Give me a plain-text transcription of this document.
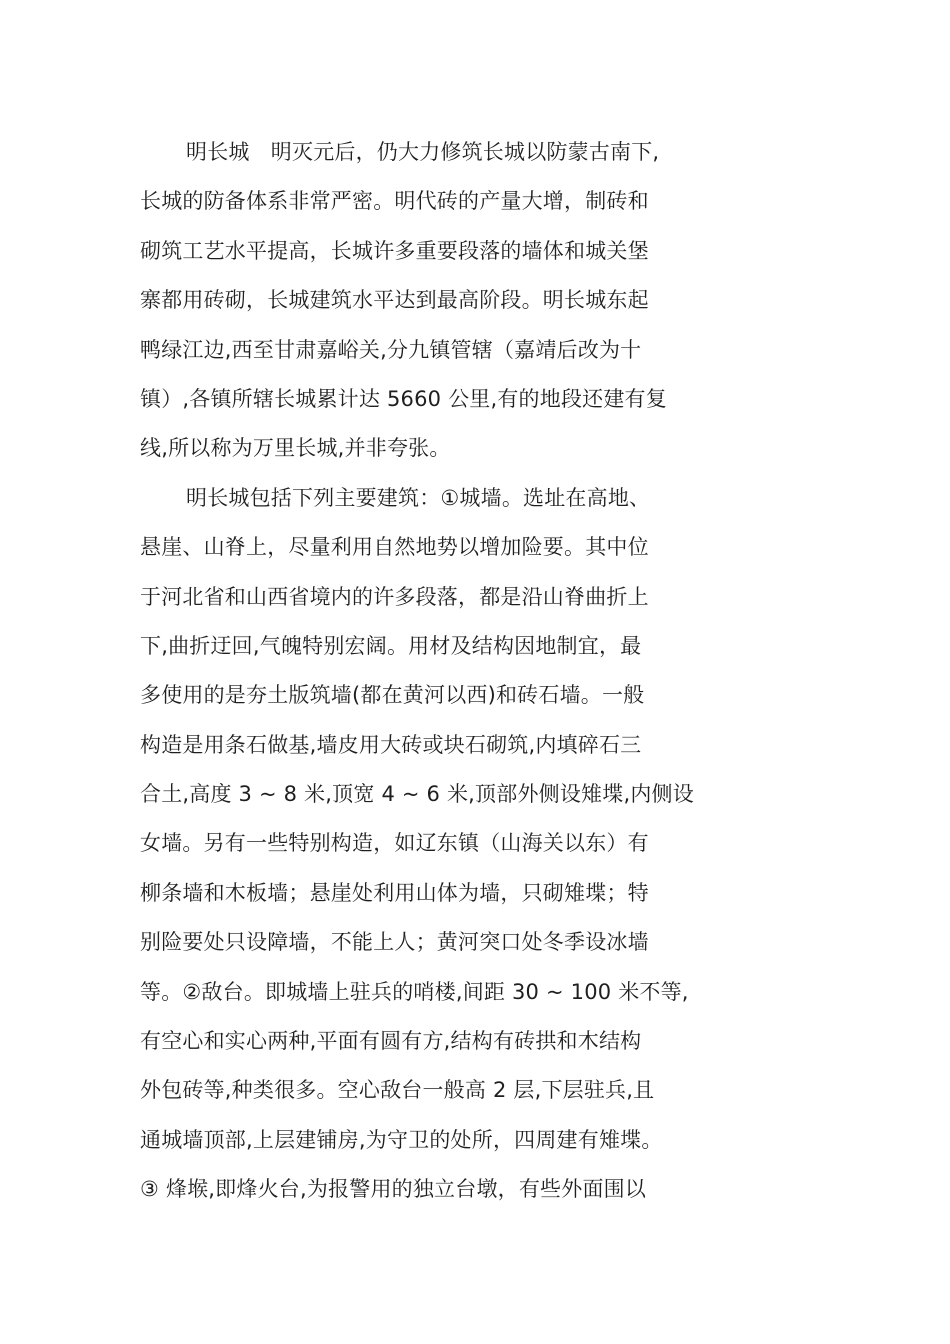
明长城　明灭元后，仍大力修筑长城以防蒙古南下,
长城的防备体系非常严密。明代砖的产量大增，制砖和
砌筑工艺水平提高，长城许多重要段落的墙体和城关堡
寨都用砖砌，长城建筑水平达到最高阶段。明长城东起
鸭绿江边,西至甘肃嘉峪关,分九镇管辖（嘉靖后改为十
镇）,各镇所辖长城累计达 5660 公里,有的地段还建有复
线,所以称为万里长城,并非夸张。
明长城包括下列主要建筑：①城墙。选址在高地、
悬崖、山脊上，尽量利用自然地势以增加险要。其中位
于河北省和山西省境内的许多段落，都是沿山脊曲折上
下,曲折迂回,气魄特别宏阔。用材及结构因地制宜，最
多使用的是夯土版筑墙(都在黄河以西)和砖石墙。一般
构造是用条石做基,墙皮用大砖或块石砌筑,内填碎石三
合土,高度 3 ~ 8 米,顶宽 4 ~ 6 米,顶部外侧设雉堞,内侧设
女墙。另有一些特别构造，如辽东镇（山海关以东）有
柳条墙和木板墙；悬崖处利用山体为墙，只砌雉堞；特
别险要处只设障墙，不能上人；黄河突口处冬季设冰墙
等。②敌台。即城墙上驻兵的哨楼,间距 30 ~ 100 米不等,
有空心和实心两种,平面有圆有方,结构有砖拱和木结构
外包砖等,种类很多。空心敌台一般高 2 层,下层驻兵,且
通城墙顶部,上层建铺房,为守卫的处所，四周建有雉堞。
③ 烽堠,即烽火台,为报警用的独立台墩，有些外面围以
